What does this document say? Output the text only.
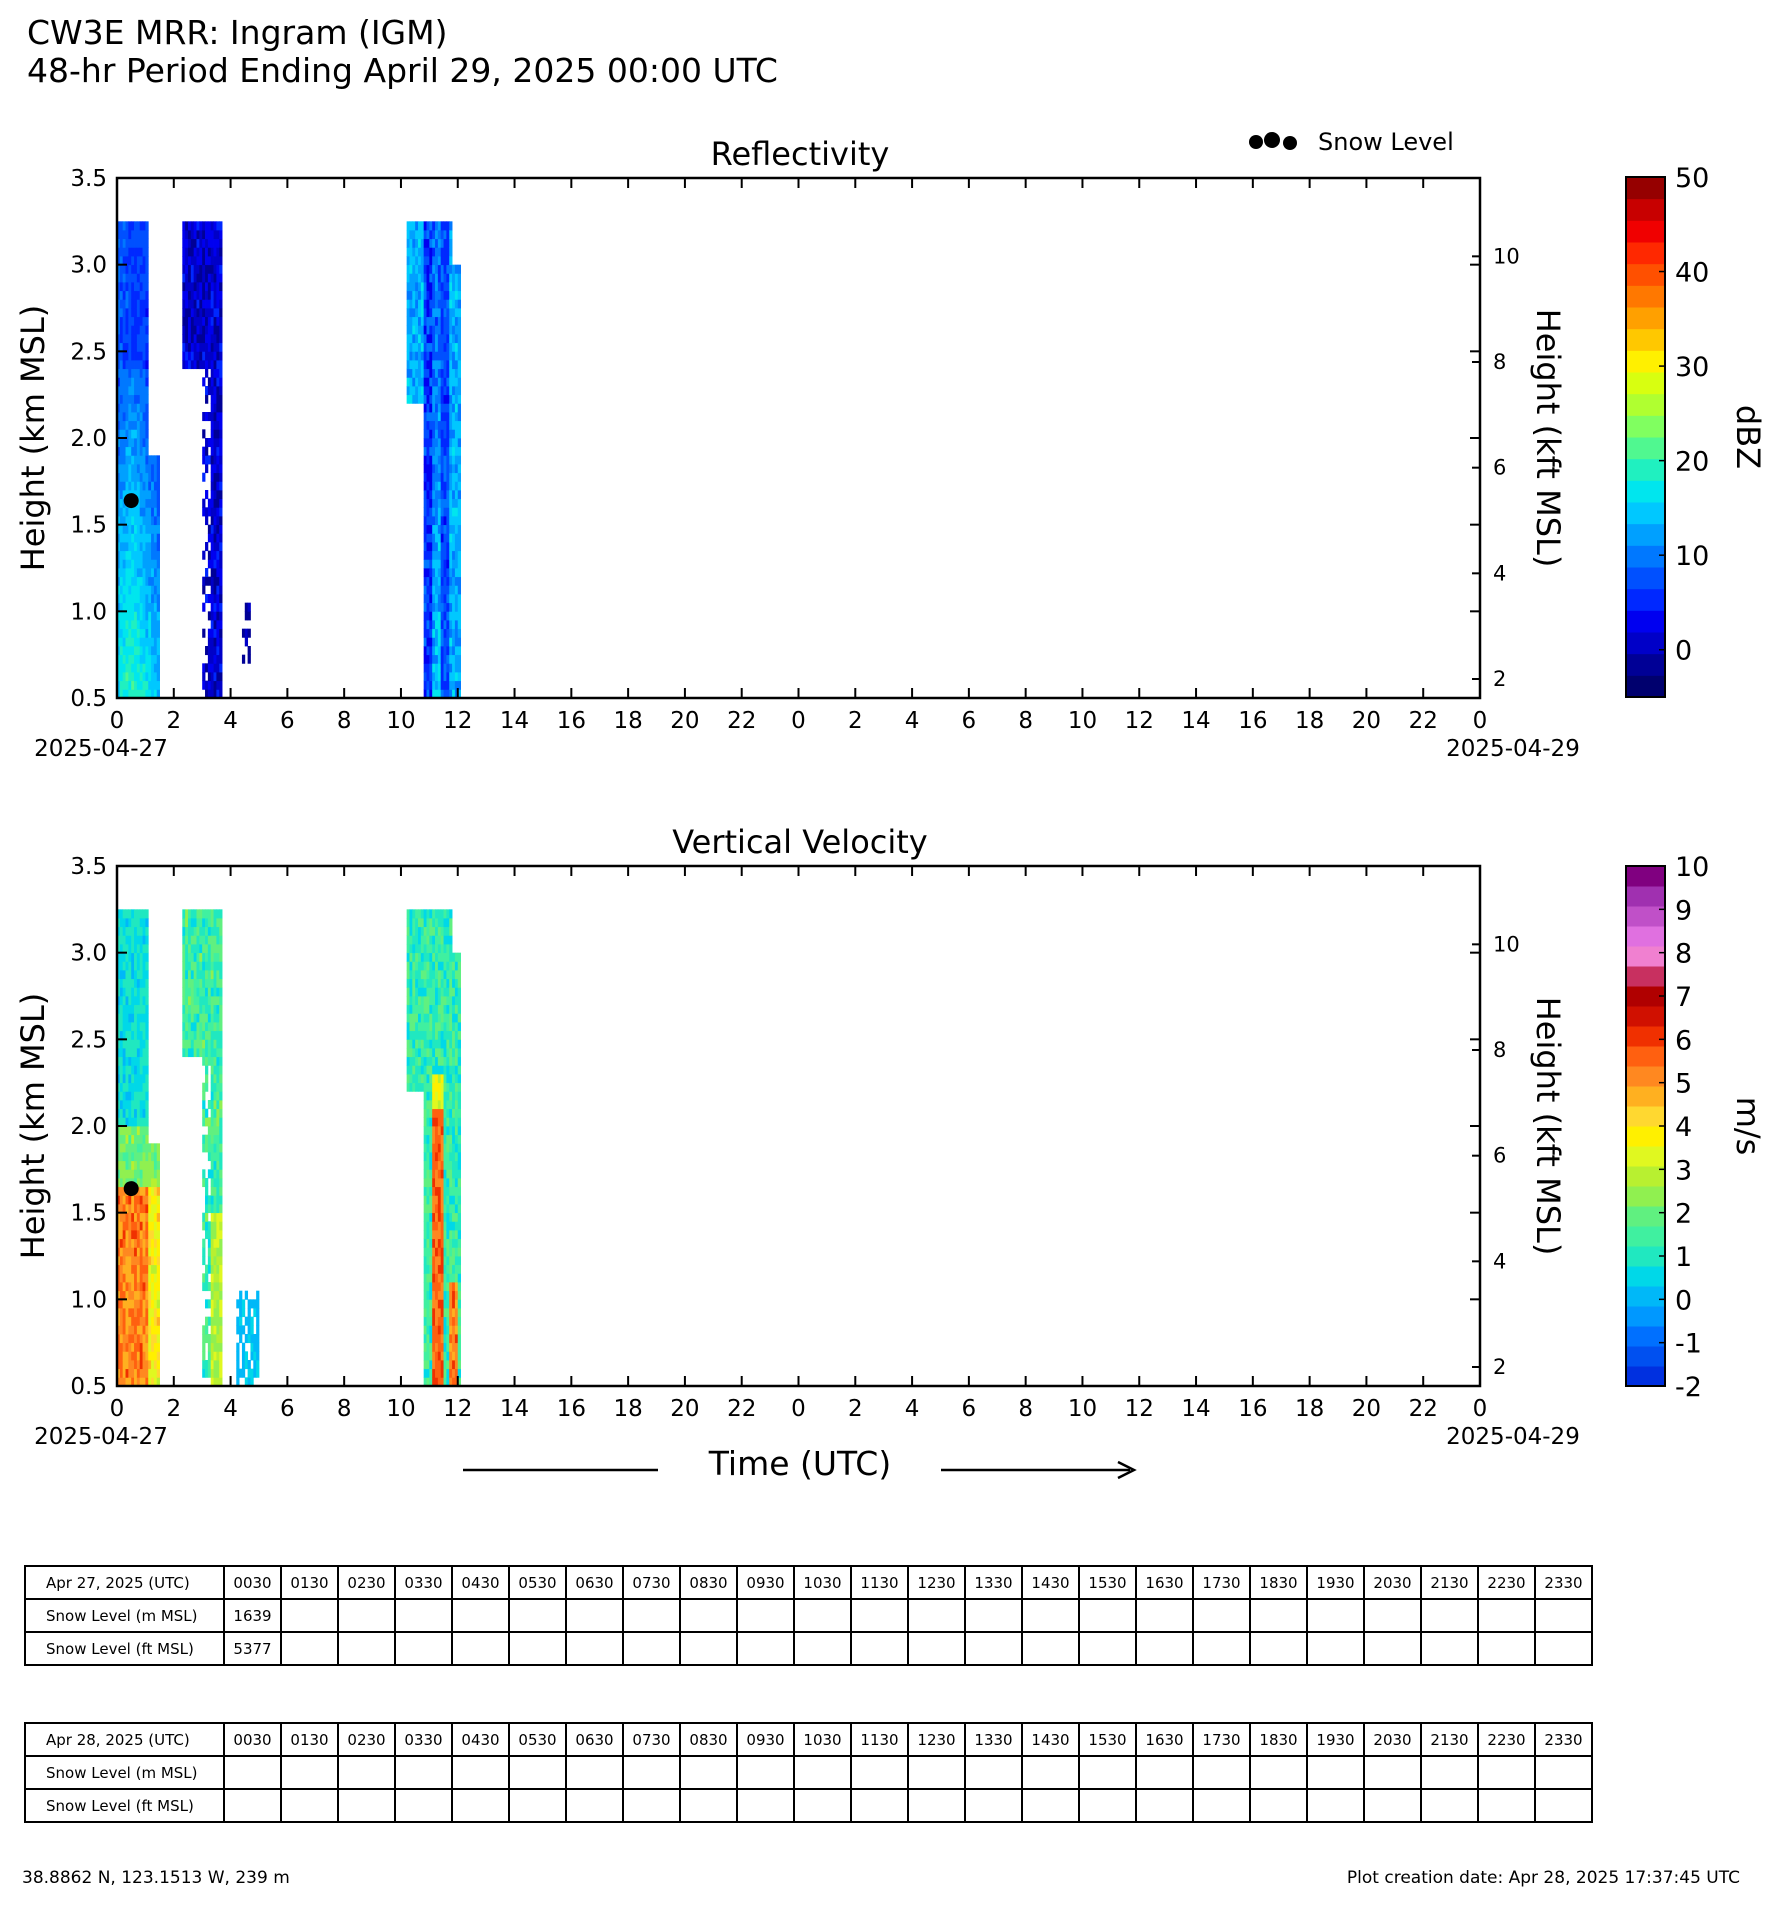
CW3E MRR: Ingram (IGM)
48-hr Period Ending April 29, 2025 00:00 UTC
0.5
1.0
1.5
2.0
2.5
3.0
3.5
2
4
6
8
10
0 2 4 6 8 10 12 14 16 18 20 22 0 2 4 6 8 10 12 14 16 18 20 22 0
2025-04-27	2025-04-29
Reflectivity
Height (km MSL)	Height (kft MSL)
0.5
1.0
1.5
2.0
2.5
3.0
3.5
2
4
6
8
10
0 2 4 6 8 10 12 14 16 18 20 22 0 2 4 6 8 10 12 14 16 18 20 22 0
2025-04-27	2025-04-29
Vertical Velocity
Height (km MSL)	Height (kft MSL)
0
10
20
30
40
50
dBZ
-2
-1
0
1
2
3
4
5
6
7
8
9
10
m/s
Snow Level
Time (UTC)
Apr 27, 2025 (UTC)	0030	0130	0230	0330	0430	0530	0630	0730	0830	0930	1030	1130	1230	1330	1430	1530	1630	1730	1830	1930	2030	2130	2230	2330
Snow Level (m MSL)	1639																							
Snow Level (ft MSL)	5377																							
Apr 28, 2025 (UTC)	0030	0130	0230	0330	0430	0530	0630	0730	0830	0930	1030	1130	1230	1330	1430	1530	1630	1730	1830	1930	2030	2130	2230	2330
Snow Level (m MSL)																								
Snow Level (ft MSL)																								
38.8862 N, 123.1513 W, 239 m	Plot creation date: Apr 28, 2025 17:37:45 UTC
